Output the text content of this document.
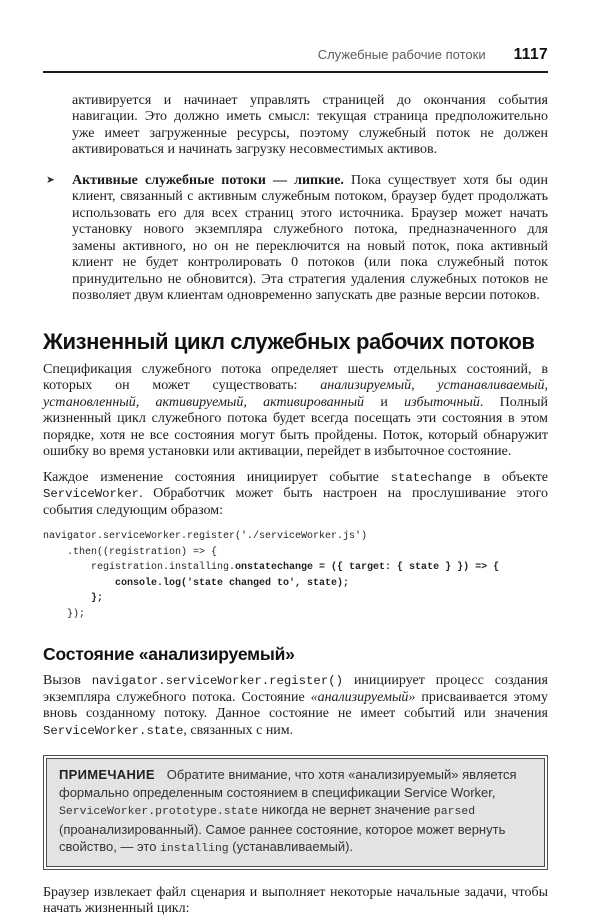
Служебные рабочие потоки 1117

активируется и начинает управлять страницей до окончания события навигации. Это должно иметь смысл: текущая страница предположительно уже имеет загруженные ресурсы, поэтому служебный поток не должен активироваться и начинать загрузку несовместимых активов.

➤ Активные служебные потоки — липкие. Пока существует хотя бы один клиент, связанный с активным служебным потоком, браузер будет продолжать использовать его для всех страниц этого источника. Браузер может начать установку нового экземпляра служебного потока, предназначенного для замены активного, но он не переключится на новый поток, пока активный клиент не будет контролировать 0 потоков (или пока служебный поток принудительно не обновится). Эта стратегия удаления служебных потоков не позволяет двум клиентам одновременно запускать две разные версии потоков.

Жизненный цикл служебных рабочих потоков

Спецификация служебного потока определяет шесть отдельных состояний, в которых он может существовать: анализируемый, устанавливаемый, установленный, активируемый, активированный и избыточный. Полный жизненный цикл служебного потока будет всегда посещать эти состояния в этом порядке, хотя не все состояния могут быть пройдены. Поток, который обнаружит ошибку во время установки или активации, перейдет в избыточное состояние.

Каждое изменение состояния инициирует событие statechange в объекте ServiceWorker. Обработчик может быть настроен на прослушивание этого события следующим образом:

navigator.serviceWorker.register('./serviceWorker.js')
.then((registration) => {
registration.installing.onstatechange = ({ target: { state } }) => {
console.log('state changed to', state);
};
});
Состояние «анализируемый»

Вызов navigator.serviceWorker.register() инициирует процесс создания экземпляра служебного потока. Состояние «анализируемый» присваивается этому вновь созданному потоку. Данное состояние не имеет событий или значения ServiceWorker.state, связанных с ним.

ПРИМЕЧАНИЕ Обратите внимание, что хотя «анализируемый» является формально определенным состоянием в спецификации Service Worker, ServiceWorker.prototype.state никогда не вернет значение parsed (проанализированный). Самое раннее состояние, которое может вернуть свойство, — это installing (устанавливаемый).

Браузер извлекает файл сценария и выполняет некоторые начальные задачи, чтобы начать жизненный цикл:
